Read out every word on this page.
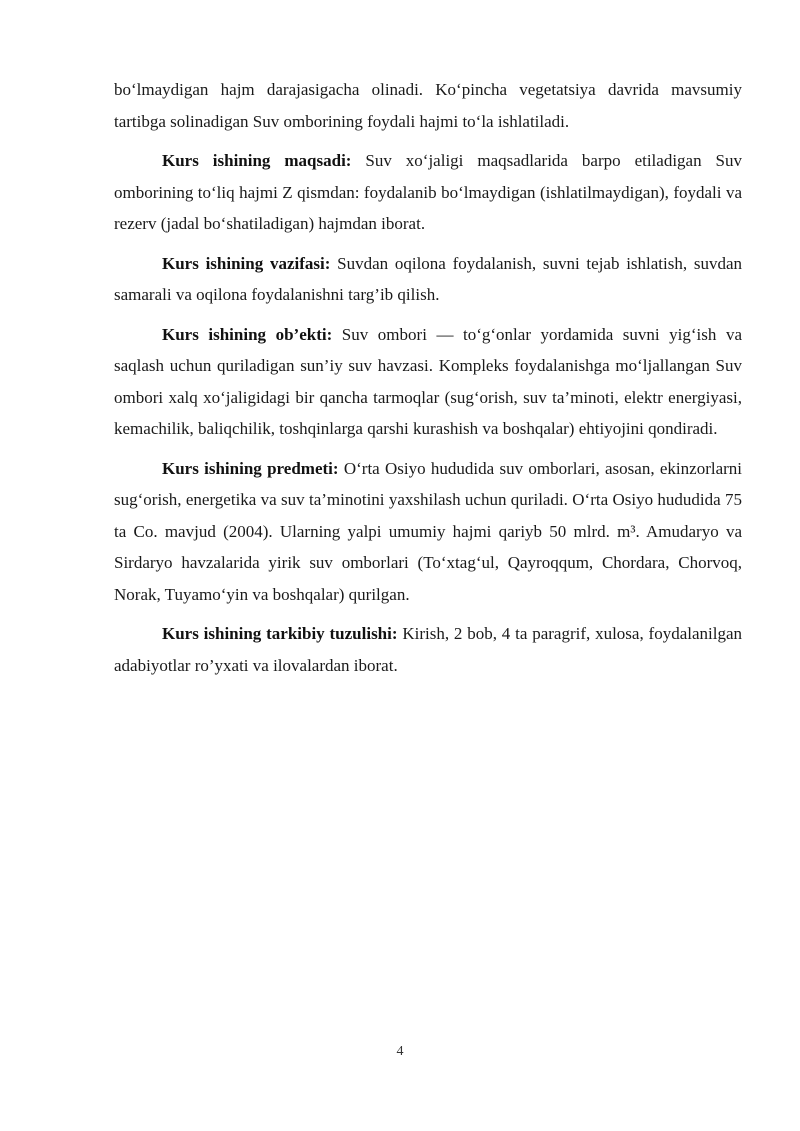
bo‘lmaydigan hajm darajasigacha olinadi. Ko‘pincha vegetatsiya davrida mavsumiy tartibga solinadigan Suv omborining foydali hajmi to‘la ishlatiladi.

Kurs ishining maqsadi: Suv xo‘jaligi maqsadlarida barpo etiladigan Suv omborining to‘liq hajmi Z qismdan: foydalanib bo‘lmaydigan (ishlatilmaydigan), foydali va rezerv (jadal bo‘shatiladigan) hajmdan iborat.

Kurs ishining vazifasi: Suvdan oqilona foydalanish, suvni tejab ishlatish, suvdan samarali va oqilona foydalanishni targ’ib qilish.

Kurs ishining ob’ekti: Suv ombori — to‘g‘onlar yordamida suvni yig‘ish va saqlash uchun quriladigan sun’iy suv havzasi. Kompleks foydalanishga mo‘ljallangan Suv ombori xalq xo‘jaligidagi bir qancha tarmoqlar (sug‘orish, suv ta’minoti, elektr energiyasi, kemachilik, baliqchilik, toshqinlarga qarshi kurashish va boshqalar) ehtiyojini qondiradi.

Kurs ishining predmeti: O‘rta Osiyo hududida suv omborlari, asosan, ekinzorlarni sug‘orish, energetika va suv ta’minotini yaxshilash uchun quriladi. O‘rta Osiyo hududida 75 ta Co. mavjud (2004). Ularning yalpi umumiy hajmi qariyb 50 mlrd. m³. Amudaryo va Sirdaryo havzalarida yirik suv omborlari (To‘xtag‘ul, Qayroqqum, Chordara, Chorvoq, Norak, Tuyamo‘yin va boshqalar) qurilgan.

Kurs ishining tarkibiy tuzulishi: Kirish, 2 bob, 4 ta paragrif, xulosa, foydalanilgan adabiyotlar ro’yxati va ilovalardan iborat.

4
